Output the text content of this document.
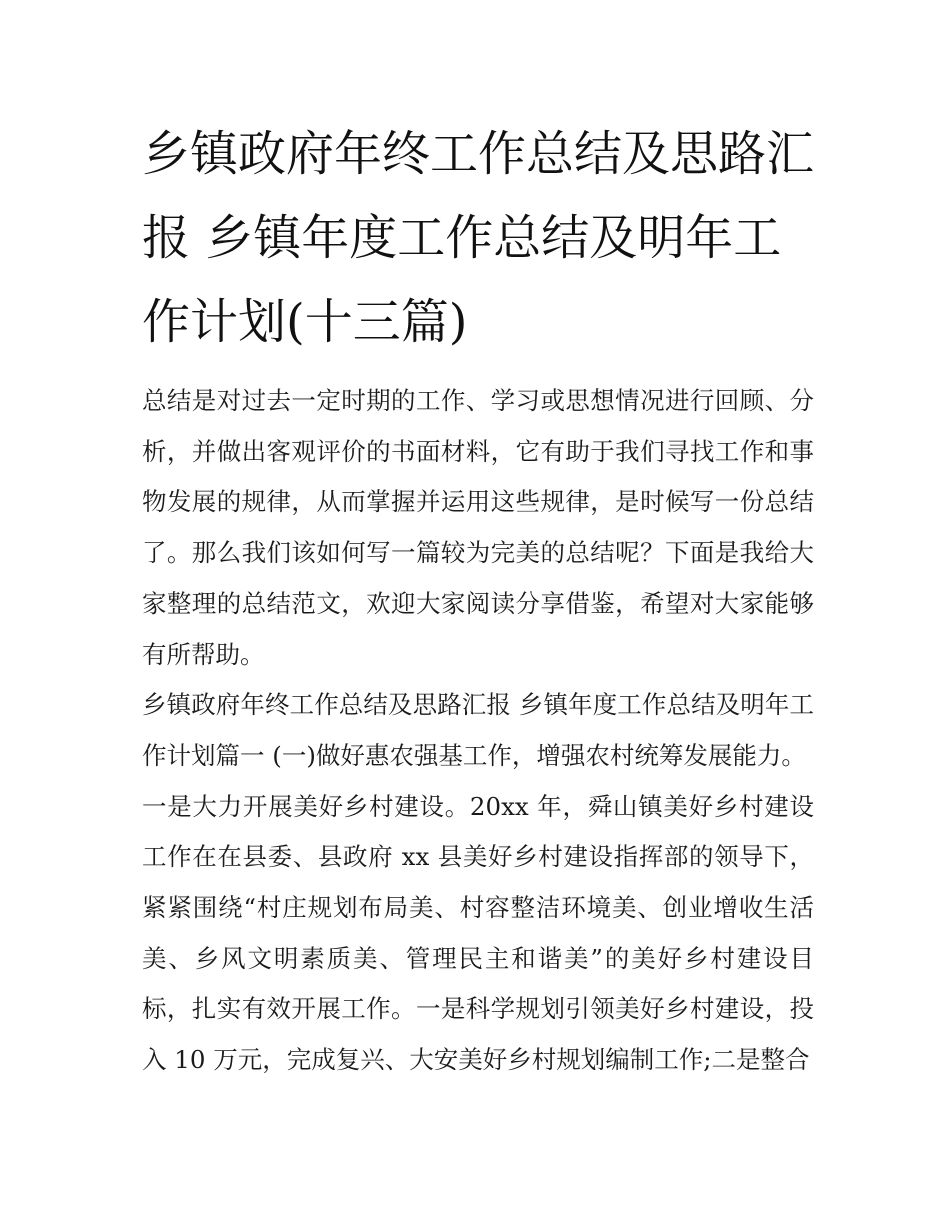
乡镇政府年终工作总结及思路汇报 乡镇年度工作总结及明年工作计划(十三篇)

总结是对过去一定时期的工作、学习或思想情况进行回顾、分析，并做出客观评价的书面材料，它有助于我们寻找工作和事物发展的规律，从而掌握并运用这些规律，是时候写一份总结了。那么我们该如何写一篇较为完美的总结呢？下面是我给大家整理的总结范文，欢迎大家阅读分享借鉴，希望对大家能够有所帮助。

乡镇政府年终工作总结及思路汇报 乡镇年度工作总结及明年工作计划篇一 (一)做好惠农强基工作，增强农村统筹发展能力。

一是大力开展美好乡村建设。20xx 年，舜山镇美好乡村建设工作在在县委、县政府 xx 县美好乡村建设指挥部的领导下，紧紧围绕“村庄规划布局美、村容整洁环境美、创业增收生活美、乡风文明素质美、管理民主和谐美”的美好乡村建设目标，扎实有效开展工作。一是科学规划引领美好乡村建设，投入 10 万元，完成复兴、大安美好乡村规划编制工作;二是整合
